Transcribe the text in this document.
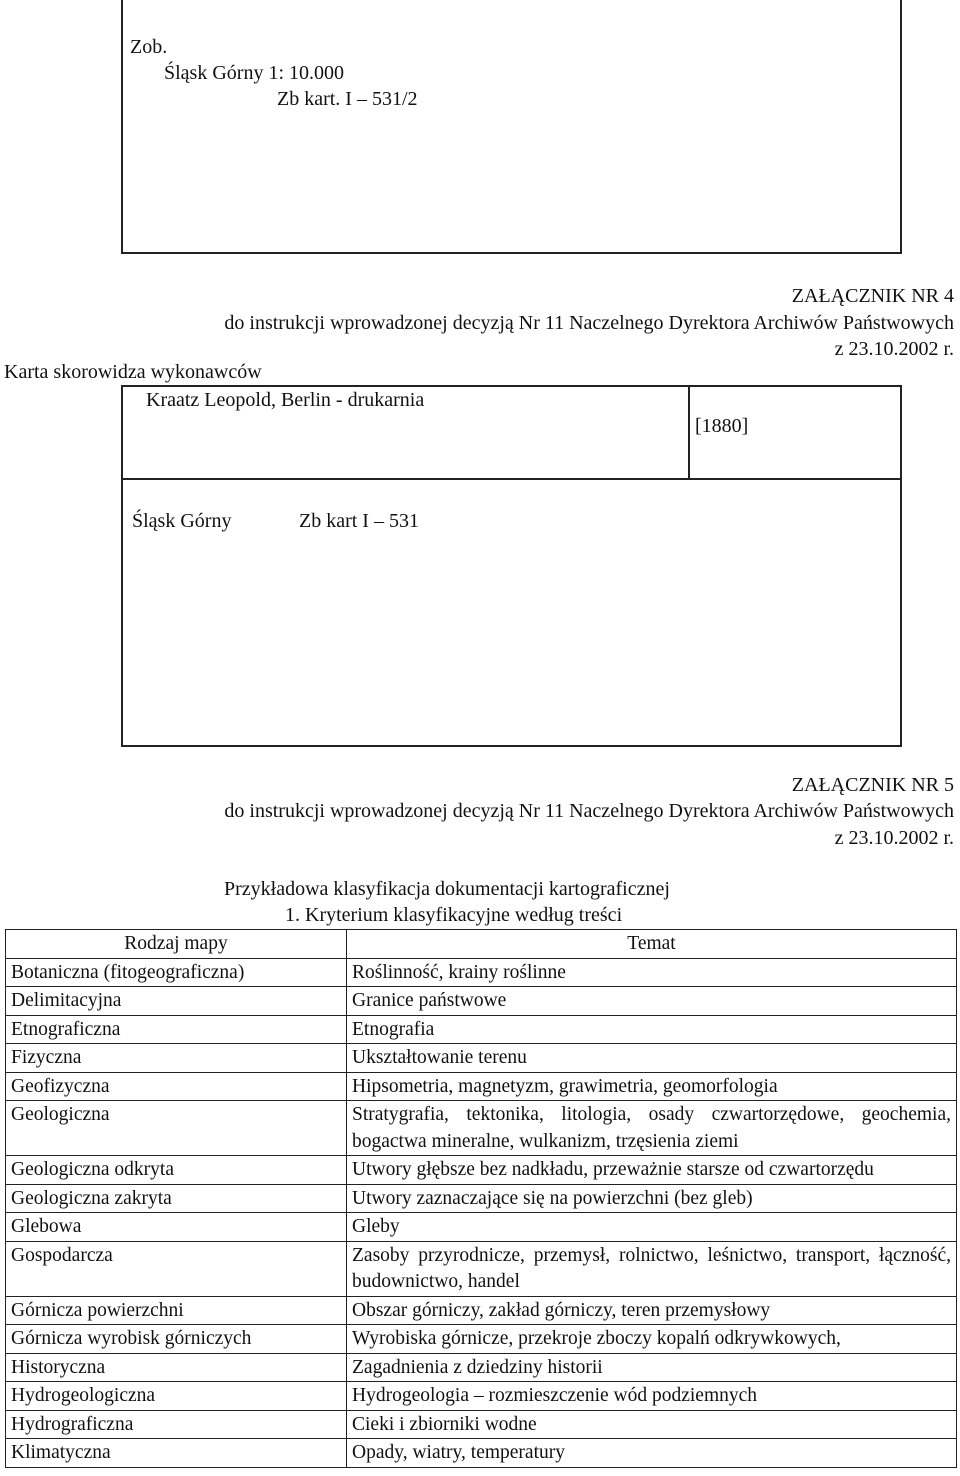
Zob.
Śląsk Górny 1: 10.000
Zb kart. I – 531/2
ZAŁĄCZNIK NR 4
do instrukcji wprowadzonej decyzją Nr 11 Naczelnego Dyrektora Archiwów Państwowych
z 23.10.2002 r.
Karta skorowidza wykonawców
Kraatz Leopold, Berlin - drukarnia
[1880]
Śląsk Górny	Zb kart I – 531
ZAŁĄCZNIK NR 5
do instrukcji wprowadzonej decyzją Nr 11 Naczelnego Dyrektora Archiwów Państwowych
z 23.10.2002 r.
Przykładowa klasyfikacja dokumentacji kartograficznej
1. Kryterium klasyfikacyjne według treści
Rodzaj mapy	Temat
Botaniczna (fitogeograficzna)	Roślinność, krainy roślinne
Delimitacyjna	Granice państwowe
Etnograficzna	Etnografia
Fizyczna	Ukształtowanie terenu
Geofizyczna	Hipsometria, magnetyzm, grawimetria, geomorfologia
Geologiczna	Stratygrafia, tektonika, litologia, osady czwartorzędowe, geochemia, bogactwa mineralne, wulkanizm, trzęsienia ziemi
Geologiczna odkryta	Utwory głębsze bez nadkładu, przeważnie starsze od czwartorzędu
Geologiczna zakryta	Utwory zaznaczające się na powierzchni (bez gleb)
Glebowa	Gleby
Gospodarcza	Zasoby przyrodnicze, przemysł, rolnictwo, leśnictwo, transport, łączność, budownictwo, handel
Górnicza powierzchni	Obszar górniczy, zakład górniczy, teren przemysłowy
Górnicza wyrobisk górniczych	Wyrobiska górnicze, przekroje zboczy kopalń odkrywkowych,
Historyczna	Zagadnienia z dziedziny historii
Hydrogeologiczna	Hydrogeologia – rozmieszczenie wód podziemnych
Hydrograficzna	Cieki i zbiorniki wodne
Klimatyczna	Opady, wiatry, temperatury
